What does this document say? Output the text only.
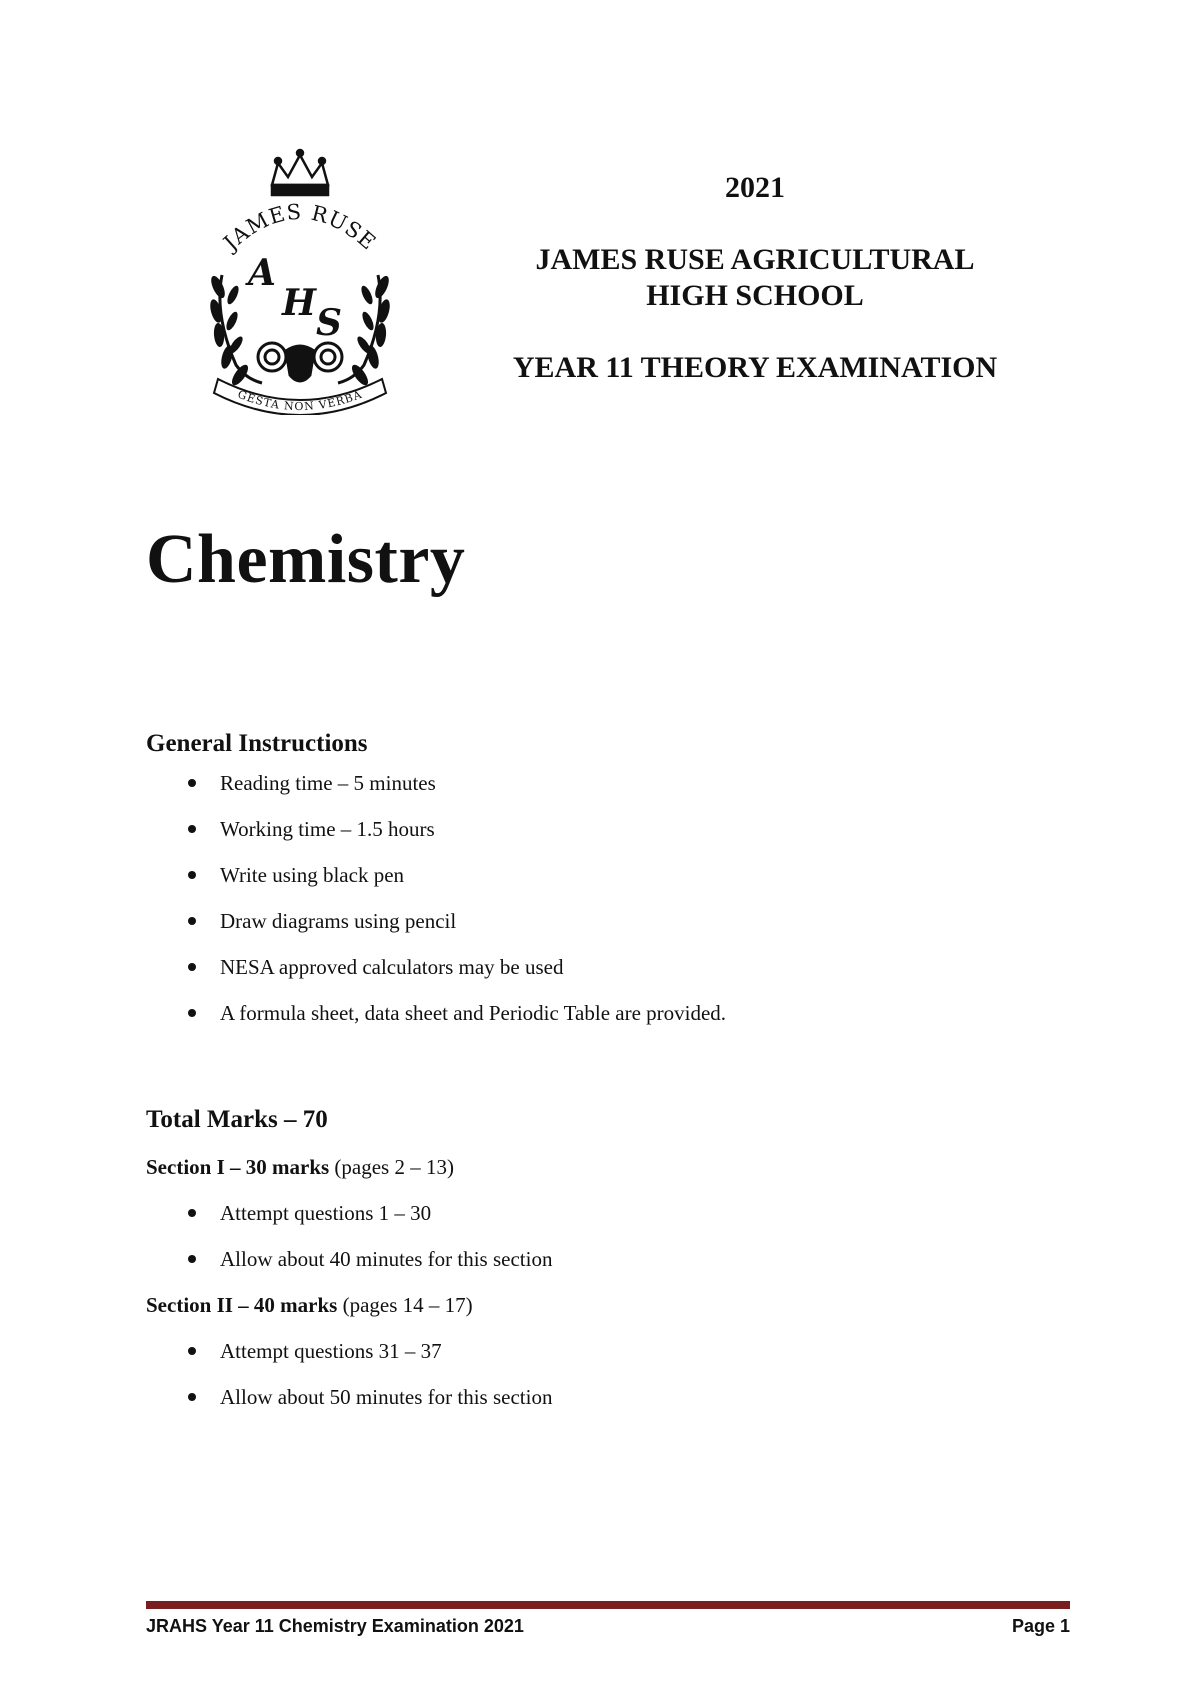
JAMES RUSE
A
H S
GESTA NON VERBA
2021
JAMES RUSE AGRICULTURAL
HIGH SCHOOL
YEAR 11 THEORY EXAMINATION
Chemistry
General Instructions
Reading time – 5 minutes
Working time – 1.5 hours
Write using black pen
Draw diagrams using pencil
NESA approved calculators may be used
A formula sheet, data sheet and Periodic Table are provided.
Total Marks – 70

Section I – 30 marks (pages 2 – 13)

Attempt questions 1 – 30
Allow about 40 minutes for this section

Section II – 40 marks (pages 14 – 17)

Attempt questions 31 – 37
Allow about 50 minutes for this section
JRAHS Year 11 Chemistry Examination 2021	Page 1
